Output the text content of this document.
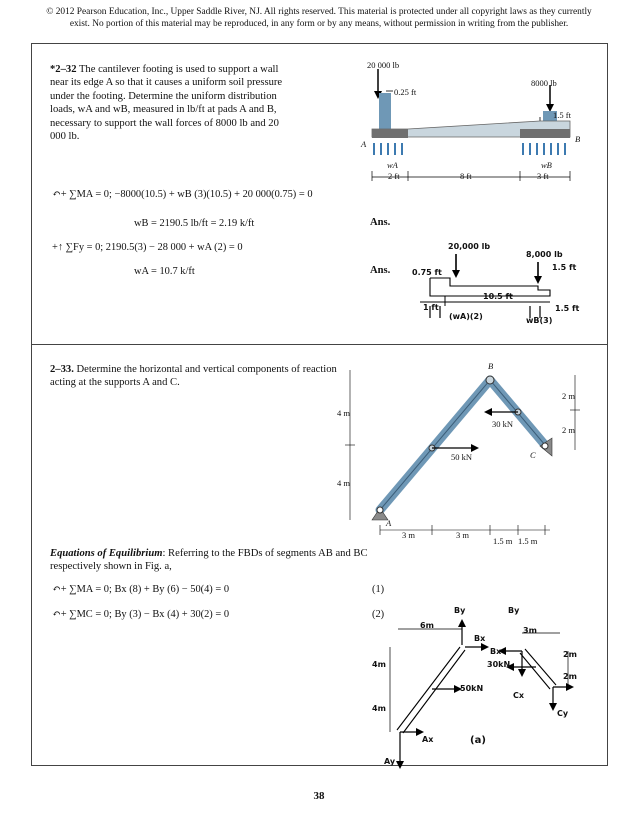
© 2012 Pearson Education, Inc., Upper Saddle River, NJ. All rights reserved. This material is protected under all copyright laws as they currently
exist. No portion of this material may be reproduced, in any form or by any means, without permission in writing from the publisher.
*2–32 The cantilever footing is used to support a wall near its edge A so that it causes a uniform soil pressure under the footing. Determine the uniform distribution loads, wA and wB, measured in lb/ft at pads A and B, necessary to support the wall forces of 8000 lb and 20 000 lb.
↶+ ∑MA = 0; −8000(10.5) + wB (3)(10.5) + 20 000(0.75) = 0
wB = 2190.5 lb/ft = 2.19 k/ft	Ans.
+↑ ∑Fy = 0; 2190.5(3) − 28 000 + wA (2) = 0
wA = 10.7 k/ft	Ans.
20 000 lb
8000 lb
0.25 ft
1.5 ft
A	B
wA	wB
2 ft	8 ft	3 ft
20,000 lb
8,000 lb
0.75 ft
1.5 ft
10.5 ft
1 ft
(wA)(2)	wB(3)
1.5 ft
2–33. Determine the horizontal and vertical components of reaction acting at the supports A and C.
B
A
C
2 m
2 m
4 m
4 m
30 kN
50 kN
3 m	3 m
1.5 m 1.5 m
Equations of Equilibrium: Referring to the FBDs of segments AB and BC respectively shown in Fig. a,
↶+ ∑MA = 0; Bx (8) + By (6) − 50(4) = 0	(1)
↶+ ∑MC = 0; By (3) − Bx (4) + 30(2) = 0	(2)	By	By
6m
3m
Bx
Bx
30kN
2m
2m
4m
50kN
Cx
4m
Cy
Ax	(a)
Ay
38
